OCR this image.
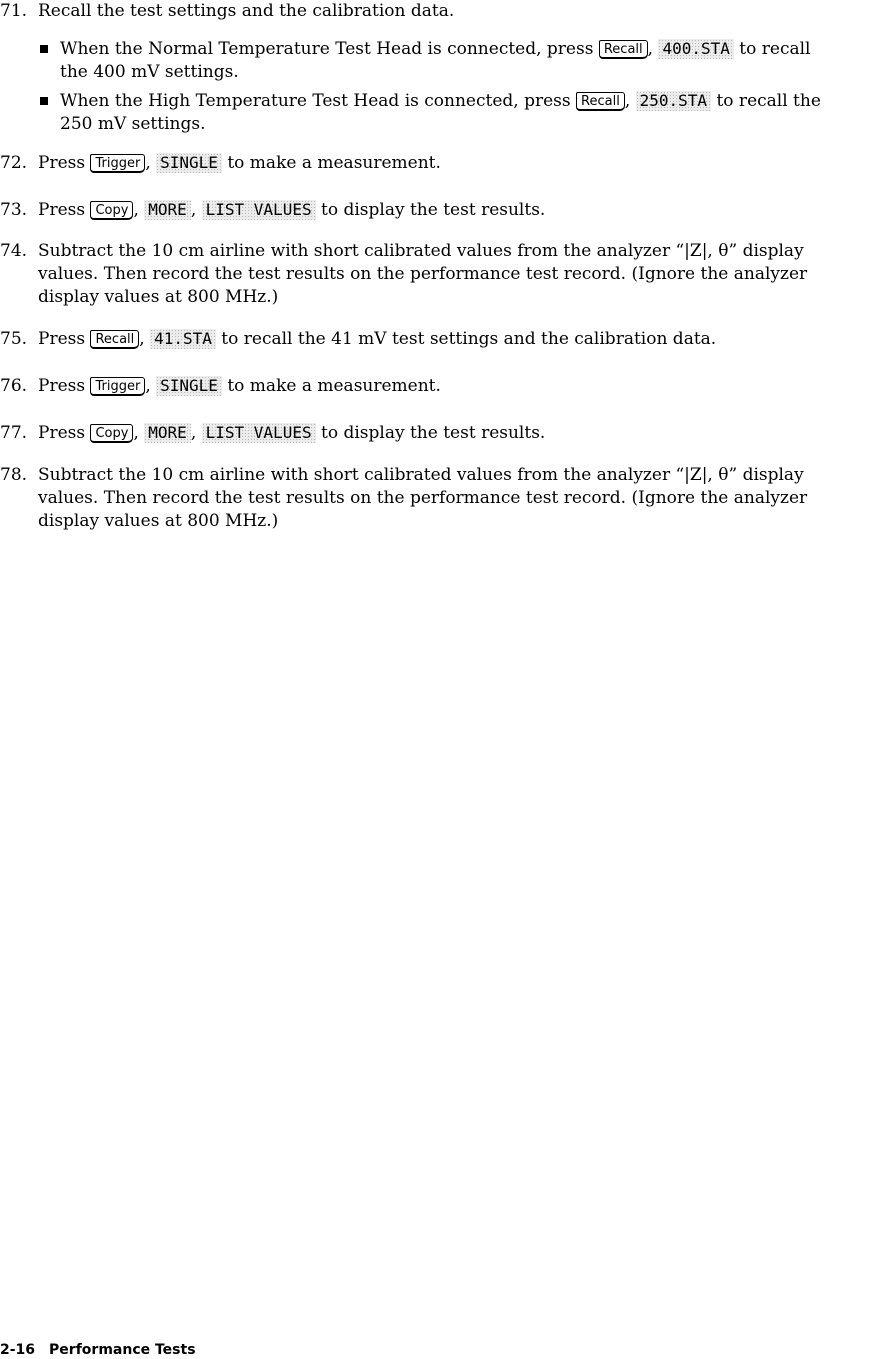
71. Recall the test settings and the calibration data.
When the Normal Temperature Test Head is connected, press Recall , 400.STA to recall
the 400 mV settings.
When the High Temperature Test Head is connected, press Recall , 250.STA to recall the
250 mV settings.
72. Press Trigger , SINGLE to make a measurement.
73. Press Copy , MORE , LIST VALUES to display the test results.
74. Subtract the 10 cm airline with short calibrated values from the analyzer “|Z|, θ” display
values. Then record the test results on the performance test record. (Ignore the analyzer
display values at 800 MHz.)
75. Press Recall , 41.STA to recall the 41 mV test settings and the calibration data.
76. Press Trigger , SINGLE to make a measurement.
77. Press Copy , MORE , LIST VALUES to display the test results.
78. Subtract the 10 cm airline with short calibrated values from the analyzer “|Z|, θ” display
values. Then record the test results on the performance test record. (Ignore the analyzer
display values at 800 MHz.)
2-16 Performance Tests
